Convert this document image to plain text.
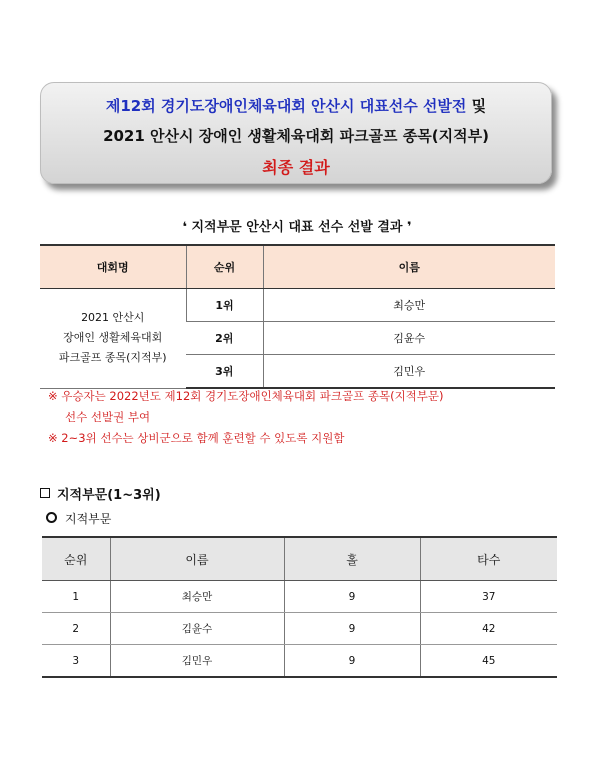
제12회 경기도장애인체육대회 안산시 대표선수 선발전 및
2021 안산시 장애인 생활체육대회 파크골프 종목(지적부)
최종 결과
❛ 지적부문 안산시 대표 선수 선발 결과 ❜
대회명	순위	이름

2021 안산시
장애인 생활체육대회
파크골프 종목(지적부)	1위	최승만
	2위	김윤수
	3위	김민우
※ 우승자는 2022년도 제12회 경기도장애인체육대회 파크골프 종목(지적부문)
선수 선발권 부여
※ 2~3위 선수는 상비군으로 함께 훈련할 수 있도록 지원함
지적부문(1~3위)
지적부문
순위	이름	홀	타수
1	최승만	9	37
2	김윤수	9	42
3	김민우	9	45
